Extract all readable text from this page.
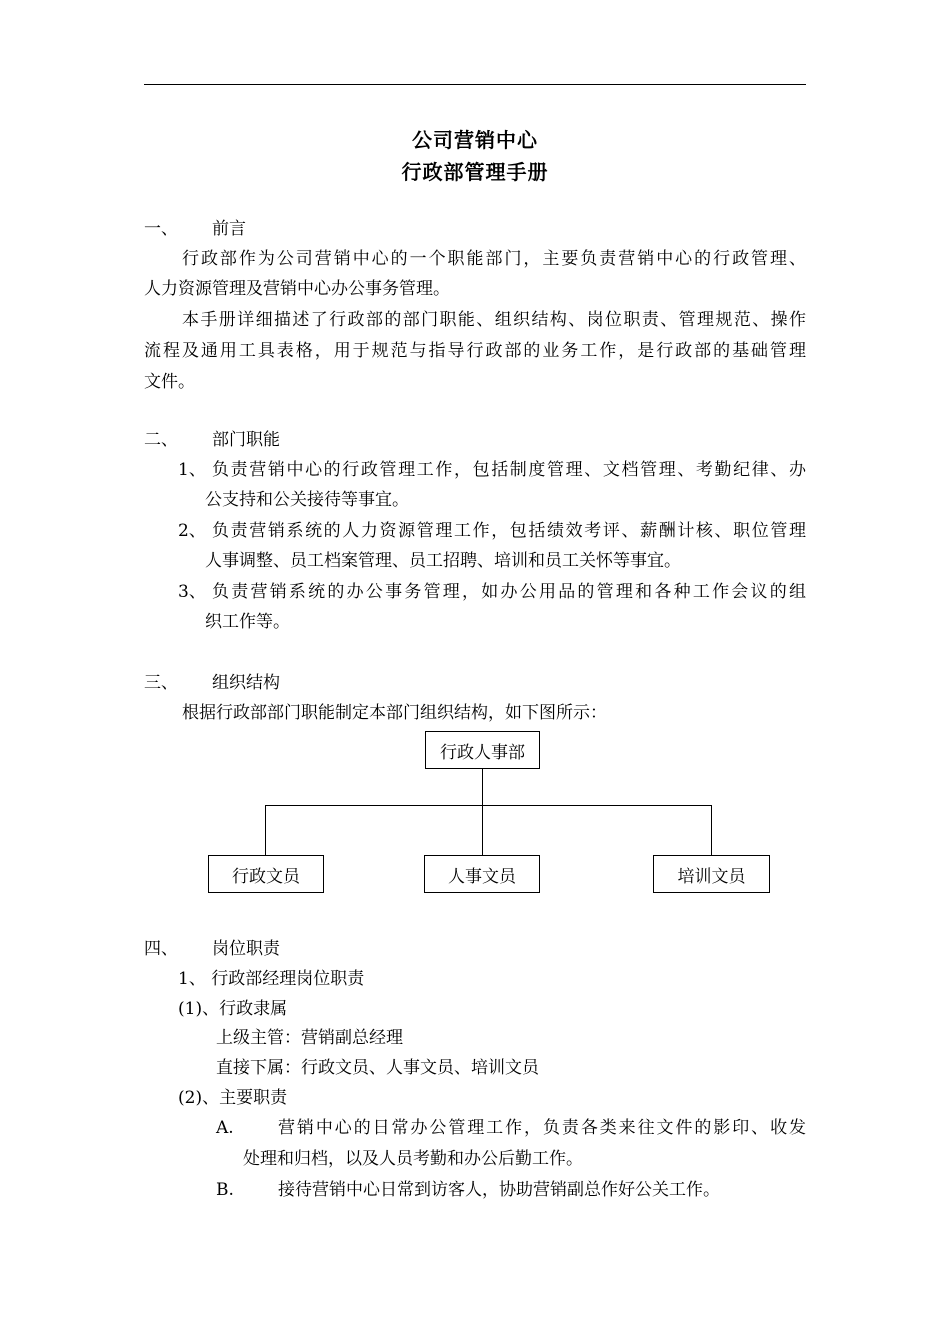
公司营销中心
行政部管理手册
一、 前言
行政部作为公司营销中心的一个职能部门，主要负责营销中心的行政管理、
人力资源管理及营销中心办公事务管理。
本手册详细描述了行政部的部门职能、组织结构、岗位职责、管理规范、操作
流程及通用工具表格，用于规范与指导行政部的业务工作，是行政部的基础管理
文件。
二、 部门职能
1、 负责营销中心的行政管理工作，包括制度管理、文档管理、考勤纪律、办
公支持和公关接待等事宜。
2、 负责营销系统的人力资源管理工作，包括绩效考评、薪酬计核、职位管理
人事调整、员工档案管理、员工招聘、培训和员工关怀等事宜。
3、 负责营销系统的办公事务管理，如办公用品的管理和各种工作会议的组
织工作等。
三、 组织结构
根据行政部部门职能制定本部门组织结构，如下图所示：
行政人事部
行政文员	人事文员	培训文员
四、 岗位职责
1、 行政部经理岗位职责
(1)、行政隶属
上级主管：营销副总经理
直接下属：行政文员、人事文员、培训文员
(2)、主要职责
A.	营销中心的日常办公管理工作，负责各类来往文件的影印、收发
处理和归档，以及人员考勤和办公后勤工作。
B.	接待营销中心日常到访客人，协助营销副总作好公关工作。
